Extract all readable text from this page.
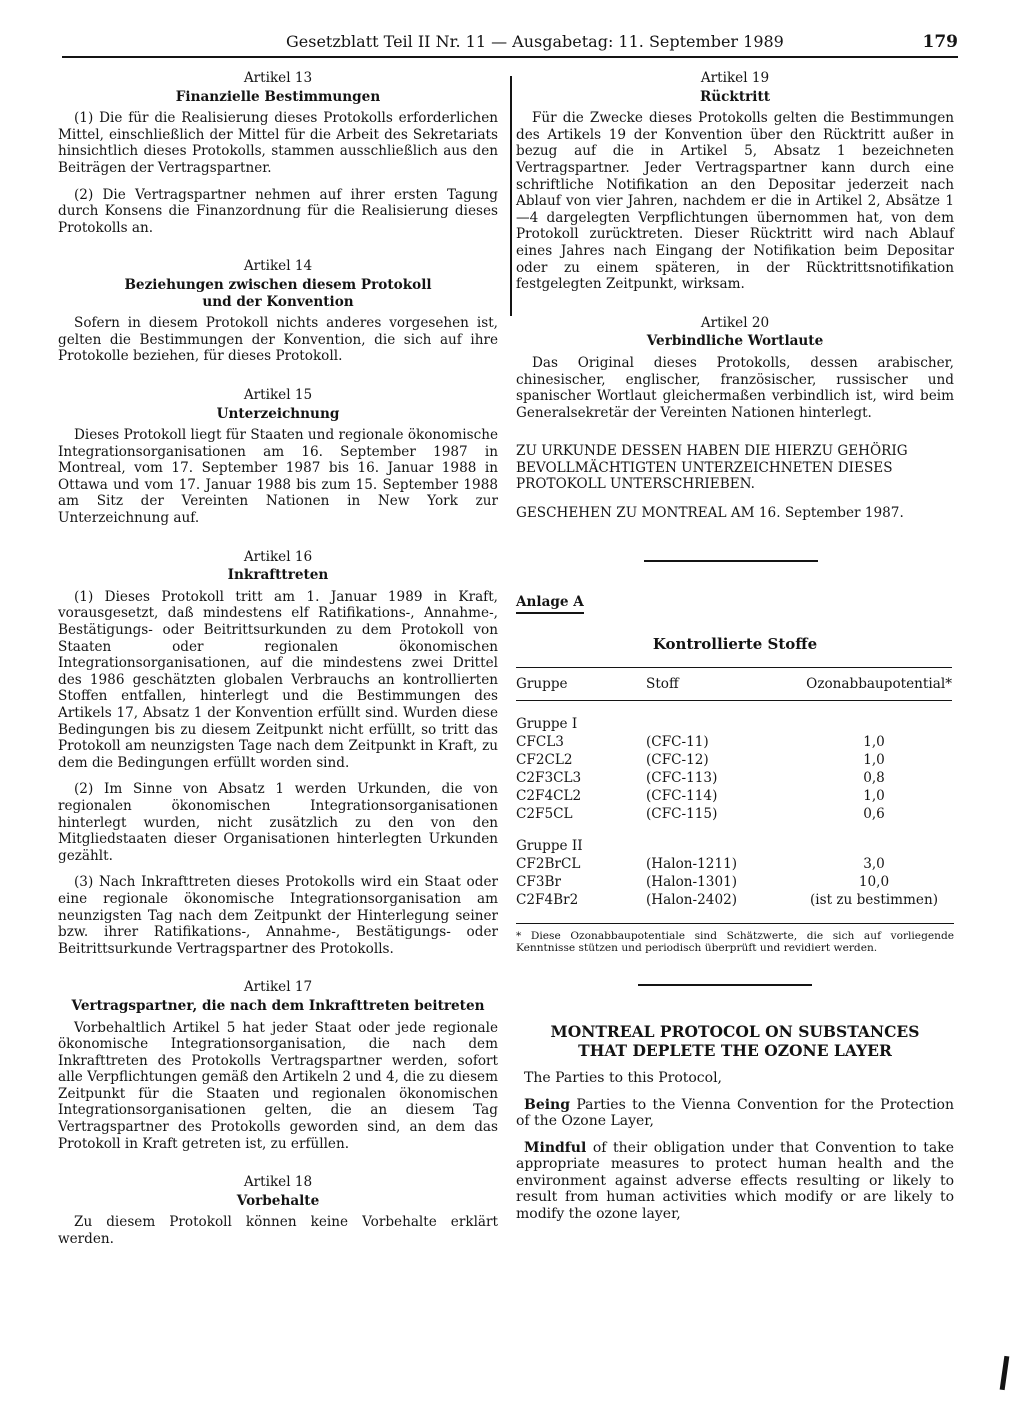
Gesetzblatt Teil II Nr. 11 — Ausgabetag: 11. September 1989	179

Artikel 13

Finanzielle Bestimmungen

(1) Die für die Realisierung dieses Protokolls erforderlichen Mittel, einschließlich der Mittel für die Arbeit des Sekretariats hinsichtlich dieses Protokolls, stammen ausschließlich aus den Beiträgen der Vertragspartner.

(2) Die Vertragspartner nehmen auf ihrer ersten Tagung durch Konsens die Finanzordnung für die Realisierung dieses Protokolls an.

Artikel 14

Beziehungen zwischen diesem Protokoll

und der Konvention

Sofern in diesem Protokoll nichts anderes vorgesehen ist, gelten die Bestimmungen der Konvention, die sich auf ihre Protokolle beziehen, für dieses Protokoll.

Artikel 15

Unterzeichnung

Dieses Protokoll liegt für Staaten und regionale ökonomische Integrationsorganisationen am 16. September 1987 in Montreal, vom 17. September 1987 bis 16. Januar 1988 in Ottawa und vom 17. Januar 1988 bis zum 15. September 1988 am Sitz der Vereinten Nationen in New York zur Unterzeichnung auf.

Artikel 16

Inkrafttreten

(1) Dieses Protokoll tritt am 1. Januar 1989 in Kraft, vorausgesetzt, daß mindestens elf Ratifikations-, Annahme-, Bestätigungs- oder Beitrittsurkunden zu dem Protokoll von Staaten oder regionalen ökonomischen Integrationsorganisationen, auf die mindestens zwei Drittel des 1986 geschätzten globalen Verbrauchs an kontrollierten Stoffen entfallen, hinterlegt und die Bestimmungen des Artikels 17, Absatz 1 der Konvention erfüllt sind. Wurden diese Bedingungen bis zu diesem Zeitpunkt nicht erfüllt, so tritt das Protokoll am neunzigsten Tage nach dem Zeitpunkt in Kraft, zu dem die Bedingungen erfüllt worden sind.

(2) Im Sinne von Absatz 1 werden Urkunden, die von regionalen ökonomischen Integrationsorganisationen hinterlegt wurden, nicht zusätzlich zu den von den Mitgliedstaaten dieser Organisationen hinterlegten Urkunden gezählt.

(3) Nach Inkrafttreten dieses Protokolls wird ein Staat oder eine regionale ökonomische Integrationsorganisation am neunzigsten Tag nach dem Zeitpunkt der Hinterlegung seiner bzw. ihrer Ratifikations-, Annahme-, Bestätigungs- oder Beitrittsurkunde Vertragspartner des Protokolls.

Artikel 17

Vertragspartner, die nach dem Inkrafttreten beitreten

Vorbehaltlich Artikel 5 hat jeder Staat oder jede regionale ökonomische Integrationsorganisation, die nach dem Inkrafttreten des Protokolls Vertragspartner werden, sofort alle Verpflichtungen gemäß den Artikeln 2 und 4, die zu diesem Zeitpunkt für die Staaten und regionalen ökonomischen Integrationsorganisationen gelten, die an diesem Tag Vertragspartner des Protokolls geworden sind, an dem das Protokoll in Kraft getreten ist, zu erfüllen.

Artikel 18

Vorbehalte

Zu diesem Protokoll können keine Vorbehalte erklärt werden.

Artikel 19

Rücktritt

Für die Zwecke dieses Protokolls gelten die Bestimmungen des Artikels 19 der Konvention über den Rücktritt außer in bezug auf die in Artikel 5, Absatz 1 bezeichneten Vertragspartner. Jeder Vertragspartner kann durch eine schriftliche Notifikation an den Depositar jederzeit nach Ablauf von vier Jahren, nachdem er die in Artikel 2, Absätze 1—4 dargelegten Verpflichtungen übernommen hat, von dem Protokoll zurücktreten. Dieser Rücktritt wird nach Ablauf eines Jahres nach Eingang der Notifikation beim Depositar oder zu einem späteren, in der Rücktrittsnotifikation festgelegten Zeitpunkt, wirksam.

Artikel 20

Verbindliche Wortlaute

Das Original dieses Protokolls, dessen arabischer, chinesischer, englischer, französischer, russischer und spanischer Wortlaut gleichermaßen verbindlich ist, wird beim Generalsekretär der Vereinten Nationen hinterlegt.

ZU URKUNDE DESSEN HABEN DIE HIERZU GEHÖRIG BEVOLLMÄCHTIGTEN UNTERZEICHNETEN DIESES PROTOKOLL UNTERSCHRIEBEN.

GESCHEHEN ZU MONTREAL AM 16. September 1987.

Anlage A

Kontrollierte Stoffe

Gruppe	Stoff	Ozonabbaupotential*
Gruppe I		
CFCL3	(CFC-11)	1,0
CF2CL2	(CFC-12)	1,0
C2F3CL3	(CFC-113)	0,8
C2F4CL2	(CFC-114)	1,0
C2F5CL	(CFC-115)	0,6
Gruppe II		
CF2BrCL	(Halon-1211)	3,0
CF3Br	(Halon-1301)	10,0
C2F4Br2	(Halon-2402)	(ist zu bestimmen)

* Diese Ozonabbaupotentiale sind Schätzwerte, die sich auf vorliegende Kenntnisse stützen und periodisch überprüft und revidiert werden.

MONTREAL PROTOCOL ON SUBSTANCES

THAT DEPLETE THE OZONE LAYER

The Parties to this Protocol,

Being Parties to the Vienna Convention for the Protection of the Ozone Layer,

Mindful of their obligation under that Convention to take appropriate measures to protect human health and the environment against adverse effects resulting or likely to result from human activities which modify or are likely to modify the ozone layer,
